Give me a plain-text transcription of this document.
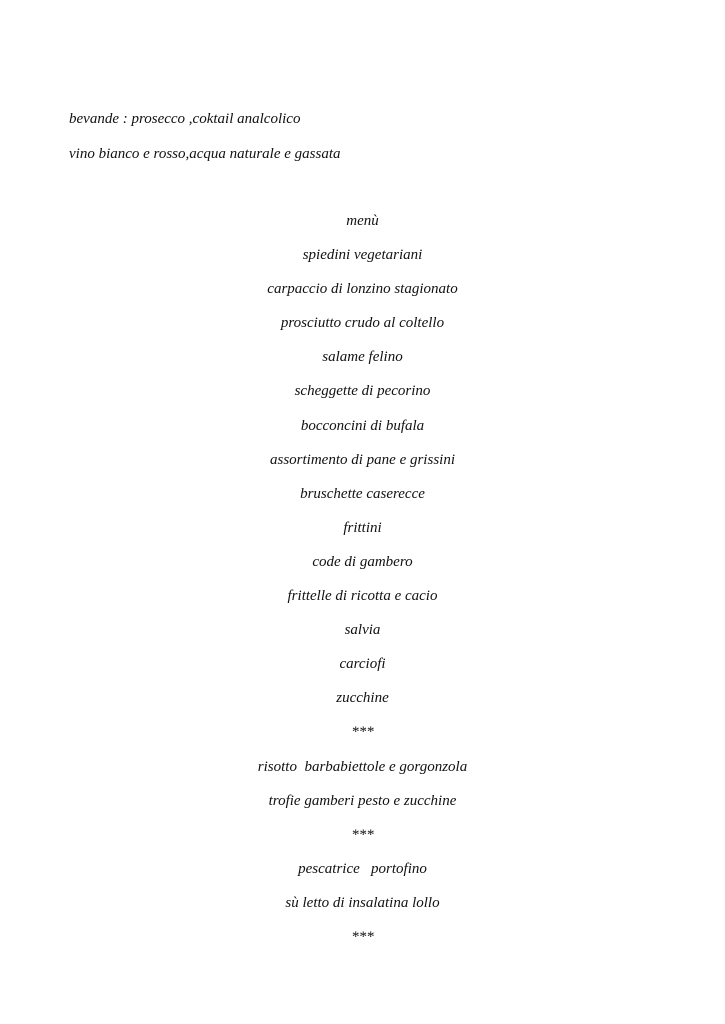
bevande : prosecco ,coktail analcolico
vino bianco e rosso,acqua naturale e gassata
menù
spiedini vegetariani
carpaccio di lonzino stagionato
prosciutto crudo al coltello
salame felino
scheggette di pecorino
bocconcini di bufala
assortimento di pane e grissini
bruschette caserecce
frittini
code di gambero
frittelle di ricotta e cacio
salvia
carciofi
zucchine
***
risotto  barbabiettole e gorgonzola
trofie gamberi pesto e zucchine
***
pescatrice   portofino
sù letto di insalatina lollo
***
